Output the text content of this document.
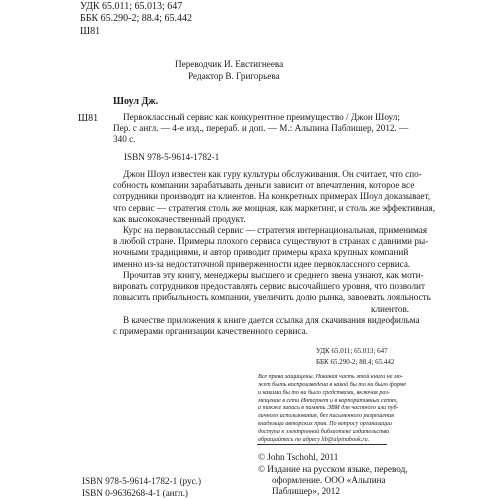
УДК 65.011; 65.013; 647
ББК 65.290-2; 88.4; 65.442
Ш81
Переводчик И. Евстигнеева
Редактор В. Григорьева
Шоул Дж.
Ш81	Первоклассный сервис как конкурентное преимущество / Джон Шоул;
Пер. с англ. — 4-е изд., перераб. и доп. — М.: Альпина Паблишер, 2012. —
340 с.
ISBN 978-5-9614-1782-1
Джон Шоул известен как гуру культуры обслуживания. Он считает, что спо-
собность компании зарабатывать деньги зависит от впечатления, которое все
сотрудники производят на клиентов. На конкретных примерах Шоул доказывает,
что сервис — стратегия столь же мощная, как маркетинг, и столь же эффективная,
как высококачественный продукт.
Курс на первоклассный сервис — стратегия интернациональная, применимая
в любой стране. Примеры плохого сервиса существуют в странах с давними ры-
ночными традициями, и автор приводит примеры краха крупных компаний
именно из-за недостаточной приверженности идее первоклассного сервиса.
Прочитав эту книгу, менеджеры высшего и среднего звена узнают, как моти-
вировать сотрудников предоставлять сервис высочайшего уровня, что позволит
повысить прибыльность компании, увеличить долю рынка, завоевать лояльность
клиентов.
В качестве приложения к книге дается ссылка для скачивания видеофильма
с примерами организации качественного сервиса.
УДК 65.011; 65.013; 647
ББК 65.290-2; 88.4; 65.442
Все права защищены. Никакая часть этой книги не мо-
жет быть воспроизведена в какой бы то ни было форме
и какими бы то ни было средствами, включая раз-
мещение в сети Интернет и в корпоративных сетях,
а также запись в память ЭВМ для частного или пуб-
личного использования, без письменного разрешения
владельца авторских прав. По вопросу организации
доступа к электронной библиотеке издательства
обращайтесь по адресу lib@alpinabook.ru.
ISBN 978-5-9614-1782-1 (рус.)
ISBN 0-9636268-4-1 (англ.)
© John Tschohl, 2011
© Издание на русском языке, перевод,
оформление. ООО «Альпина
Паблишер», 2012
